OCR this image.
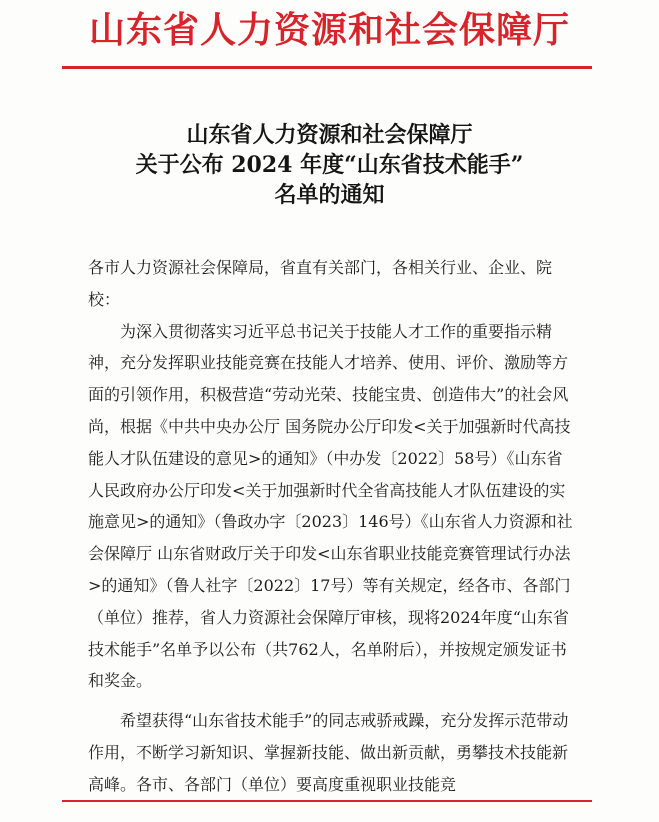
山东省人力资源和社会保障厅
山东省人力资源和社会保障厅
关于公布 2024 年度“山东省技术能手”
名单的通知

各市人力资源社会保障局，省直有关部门，各相关行业、企业、院校：

为深入贯彻落实习近平总书记关于技能人才工作的重要指示精神，充分发挥职业技能竞赛在技能人才培养、使用、评价、激励等方面的引领作用，积极营造“劳动光荣、技能宝贵、创造伟大”的社会风尚，根据《中共中央办公厅 国务院办公厅印发<关于加强新时代高技能人才队伍建设的意见>的通知》（中办发〔2022〕58号）《山东省人民政府办公厅印发<关于加强新时代全省高技能人才队伍建设的实施意见>的通知》（鲁政办字〔2023〕146号）《山东省人力资源和社会保障厅 山东省财政厅关于印发<山东省职业技能竞赛管理试行办法>的通知》（鲁人社字〔2022〕17号）等有关规定，经各市、各部门（单位）推荐，省人力资源社会保障厅审核，现将2024年度“山东省技术能手”名单予以公布（共762人，名单附后），并按规定颁发证书和奖金。

希望获得“山东省技术能手”的同志戒骄戒躁，充分发挥示范带动作用，不断学习新知识、掌握新技能、做出新贡献，勇攀技术技能新高峰。各市、各部门（单位）要高度重视职业技能竞
